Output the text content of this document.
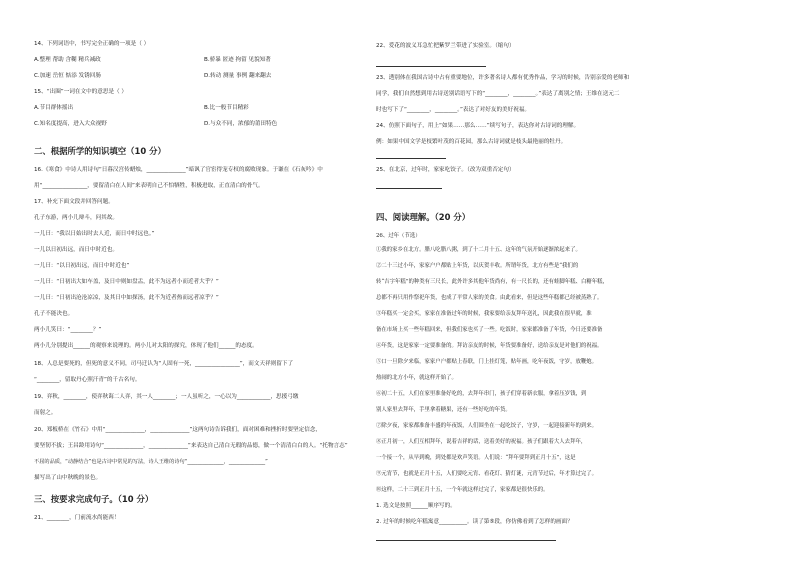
14、下列词语中，书写完全正确的一项是（ ）
A.整理 帮助 含糊 精兵减政	B.骄暴 匿迹 拘留 见貌知著
C.加速 岳恒 惦添 发锈回肠	D.转动 测量 事例 翻来翻去
15、“出圈”一词在文中的意思是（ ）
A.节目群体摇出	B.比一般节目精彩
C.知名度提高，进入大众视野	D.与众不同，浓郁的莆田特色
二、根据所学的知识填空（10 分）
16.《寒食》中诗人用诗句“日暮汉宫传蜡烛，______________”暗讽了官宦得宠专权的腐败现象。于谦在《石灰吟》中
用“________________，要留清白在人间”来表明自己不怕牺牲，积极进取，正直清白的骨气。
17、补充下面文段并回答问题。
孔子东游，两小儿辩斗，问其故。
一儿曰：“我以日始出时去人近，而日中时远也。”
一儿以日初出远，而日中时近也。
一儿曰：“以日初出远，而日中时近也”
一儿曰：“日初出大如车盖，及日中则如盘盂，此不为远者小而近者大乎？”
一儿曰：“日初出沧沧凉凉，及其日中如探汤，此不为近者热而远者凉乎？”
孔子不能决也。
两小儿笑曰：“________？”
两小儿分别提出______的观察来说理的。两小儿对太阳的探究，体现了他们______的态度。
18、人总是要死的，但死的意义不同，司马迁认为“人固有一死，________________”，而文天祥则留下了
“________，留取丹心照汗青”的千古名句。
19、弈秋，________，使弈秋诲二人弈，其一人________；一人虽听之，一心以为____________，思援弓缴
而射之。
20、郑板桥在《竹石》中用“______________，______________”这两句诗告诉我们，面对困难和挫折时要坚定信念，
要坚韧不拔；王昌龄用诗句“______________，______________”来表达自己清白无瑕的品德，做一个清清白白的人。“托物言志”
不屈的品质，“动静结合”也是古诗中常见的写法，诗人王维的诗句“______________，______________”
描写出了山中秋晚的景色。
三、按要求完成句子。（10 分）
21、________，门前流水尚能西！
22、爱花的波义耳急忙把紫罗兰带进了实验室。（缩句）
23、透别体在我国古诗中占有重要地位，许多著名诗人都有优秀作品，学习的时候，告别亲爱的老师和
同学，我们自然想到用古诗送别话语写下的“________，________。”表达了离别之情；王维在送元二
时也写下了“________，________。”表达了对好友的美好祝福。
24、仿照下面句子，用上“如果……那么……”续写句子，表达你对古诗词的理解。
例：如果中国文学是枝繁叶茂的百花园，那么古诗词就是枝头最艳丽的牡丹。
25、在北京，过年时，家家吃饺子。（改为双重否定句）
四、阅读理解。（20 分）
26、过年（节选）
①我的家乡在北方。腊八吃腊八粥，到了十二月十五、这年的气氛开始逐渐浓起来了。
②二十三过小年，家家户户都贴上年货，以庆贺丰收。所谓年货，北方有些是“我们的
转“吉字年糕”的种类有三尺长，此外许多其他年货尚有，有一尺长的，还有蛙脚年糕、白糖年糕，
总都不再只用作祭祀年货，也成了平常人家的美食。由此看来，但是这些年糕都已经被蒸熟了。
③年糕买一定会买，家家在准备过年的时候，我家要给亲友拜年送礼，因此我在很早就，准
备在市场上买一些年糕回来，但我们家也买了一些。吃饭时，家家都准备了年货，今日还要准备
④年货，这是家家一定要准备的。拜访亲友的时候，年货要准备好，送给亲友是对他们的祝福。
⑤口一旦除夕来临，家家户户都贴上春联，门上挂灯笼，贴年画，吃年夜饭，守岁，放鞭炮。
热闹的北方小年，就这样开始了。
⑥初二十五，人们在家里准备好吃的，去拜年串门，孩子们穿着新衣服，拿着压岁钱，到
别人家里去拜年，手里拿着糖果，还有一些好吃的年货。
⑦除夕夜，家家都准备丰盛的年夜饭，人们围坐在一起吃饺子，守岁，一起迎接新年的到来。
⑧正月初一，人们互相拜年，说着吉祥的话，送着美好的祝福。孩子们跟着大人去拜年，
一个接一个，从早到晚，到处都是欢声笑语。人们说：“拜年要拜到正月十五”，这是
⑨元宵节，也就是正月十五，人们要吃元宵、看花灯、猜灯谜，元宵节过后，年才算过完了。
⑩这样，二十三到正月十五，一个年就这样过完了，家家都是很快乐的。
1. 选文是按照______顺序写的。
2. 过年的时候吃年糕寓意__________。读了第⑤段，你仿佛看到了怎样的画面？
是古诗中常见的手法，于谦的诗句“________，________”正是借石灰的清白来表明自己坚贞不屈的品质，“动静结合”也是古诗中常见的写法，诗人王维的诗句“________________，________________”
